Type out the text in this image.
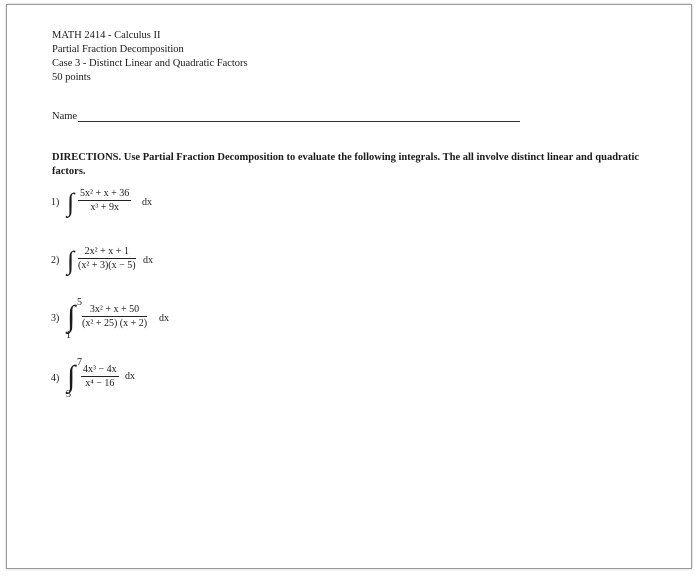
MATH 2414 - Calculus II
Partial Fraction Decomposition
Case 3 - Distinct Linear and Quadratic Factors
50 points
Name
DIRECTIONS. Use Partial Fraction Decomposition to evaluate the following integrals. The all involve distinct linear and quadratic factors.
1) ∫ $\frac{\text{5x² + x + 36}}{\text{x³ + 9x}}$ dx
2) ∫ $\frac{\text{2x² + x + 1}}{\text{(x² + 3)(x − 5)}}$ dx
3) ∫ 5
1
$\frac{\text{3x² + x + 50}}{\text{(x² + 25) (x + 2)}}$ dx
4) ∫ 7
3
$\frac{\text{4x³ − 4x}}{\text{x⁴ − 16}}$ dx
